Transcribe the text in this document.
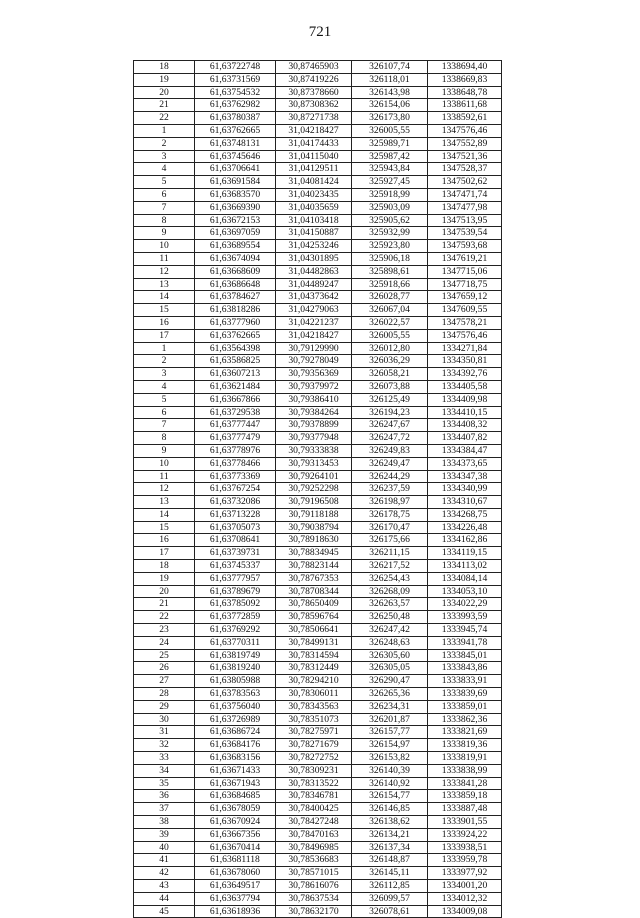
721
18	61,63722748	30,87465903	326107,74	1338694,40
19	61,63731569	30,87419226	326118,01	1338669,83
20	61,63754532	30,87378660	326143,98	1338648,78
21	61,63762982	30,87308362	326154,06	1338611,68
22	61,63780387	30,87271738	326173,80	1338592,61
1	61,63762665	31,04218427	326005,55	1347576,46
2	61,63748131	31,04174433	325989,71	1347552,89
3	61,63745646	31,04115040	325987,42	1347521,36
4	61,63706641	31,04129511	325943,84	1347528,37
5	61,63691584	31,04081424	325927,45	1347502,62
6	61,63683570	31,04023435	325918,99	1347471,74
7	61,63669390	31,04035659	325903,09	1347477,98
8	61,63672153	31,04103418	325905,62	1347513,95
9	61,63697059	31,04150887	325932,99	1347539,54
10	61,63689554	31,04253246	325923,80	1347593,68
11	61,63674094	31,04301895	325906,18	1347619,21
12	61,63668609	31,04482863	325898,61	1347715,06
13	61,63686648	31,04489247	325918,66	1347718,75
14	61,63784627	31,04373642	326028,77	1347659,12
15	61,63818286	31,04279063	326067,04	1347609,55
16	61,63777960	31,04221237	326022,57	1347578,21
17	61,63762665	31,04218427	326005,55	1347576,46
1	61,63564398	30,79129990	326012,80	1334271,84
2	61,63586825	30,79278049	326036,29	1334350,81
3	61,63607213	30,79356369	326058,21	1334392,76
4	61,63621484	30,79379972	326073,88	1334405,58
5	61,63667866	30,79386410	326125,49	1334409,98
6	61,63729538	30,79384264	326194,23	1334410,15
7	61,63777447	30,79378899	326247,67	1334408,32
8	61,63777479	30,79377948	326247,72	1334407,82
9	61,63778976	30,79333838	326249,83	1334384,47
10	61,63778466	30,79313453	326249,47	1334373,65
11	61,63773369	30,79264101	326244,29	1334347,38
12	61,63767254	30,79252298	326237,59	1334340,99
13	61,63732086	30,79196508	326198,97	1334310,67
14	61,63713228	30,79118188	326178,75	1334268,75
15	61,63705073	30,79038794	326170,47	1334226,48
16	61,63708641	30,78918630	326175,66	1334162,86
17	61,63739731	30,78834945	326211,15	1334119,15
18	61,63745337	30,78823144	326217,52	1334113,02
19	61,63777957	30,78767353	326254,43	1334084,14
20	61,63789679	30,78708344	326268,09	1334053,10
21	61,63785092	30,78650409	326263,57	1334022,29
22	61,63772859	30,78596764	326250,48	1333993,59
23	61,63769292	30,78506641	326247,42	1333945,74
24	61,63770311	30,78499131	326248,63	1333941,78
25	61,63819749	30,78314594	326305,60	1333845,01
26	61,63819240	30,78312449	326305,05	1333843,86
27	61,63805988	30,78294210	326290,47	1333833,91
28	61,63783563	30,78306011	326265,36	1333839,69
29	61,63756040	30,78343563	326234,31	1333859,01
30	61,63726989	30,78351073	326201,87	1333862,36
31	61,63686724	30,78275971	326157,77	1333821,69
32	61,63684176	30,78271679	326154,97	1333819,36
33	61,63683156	30,78272752	326153,82	1333819,91
34	61,63671433	30,78309231	326140,39	1333838,99
35	61,63671943	30,78313522	326140,92	1333841,28
36	61,63684685	30,78346781	326154,77	1333859,18
37	61,63678059	30,78400425	326146,85	1333887,48
38	61,63670924	30,78427248	326138,62	1333901,55
39	61,63667356	30,78470163	326134,21	1333924,22
40	61,63670414	30,78496985	326137,34	1333938,51
41	61,63681118	30,78536683	326148,87	1333959,78
42	61,63678060	30,78571015	326145,11	1333977,92
43	61,63649517	30,78616076	326112,85	1334001,20
44	61,63637794	30,78637534	326099,57	1334012,32
45	61,63618936	30,78632170	326078,61	1334009,08
